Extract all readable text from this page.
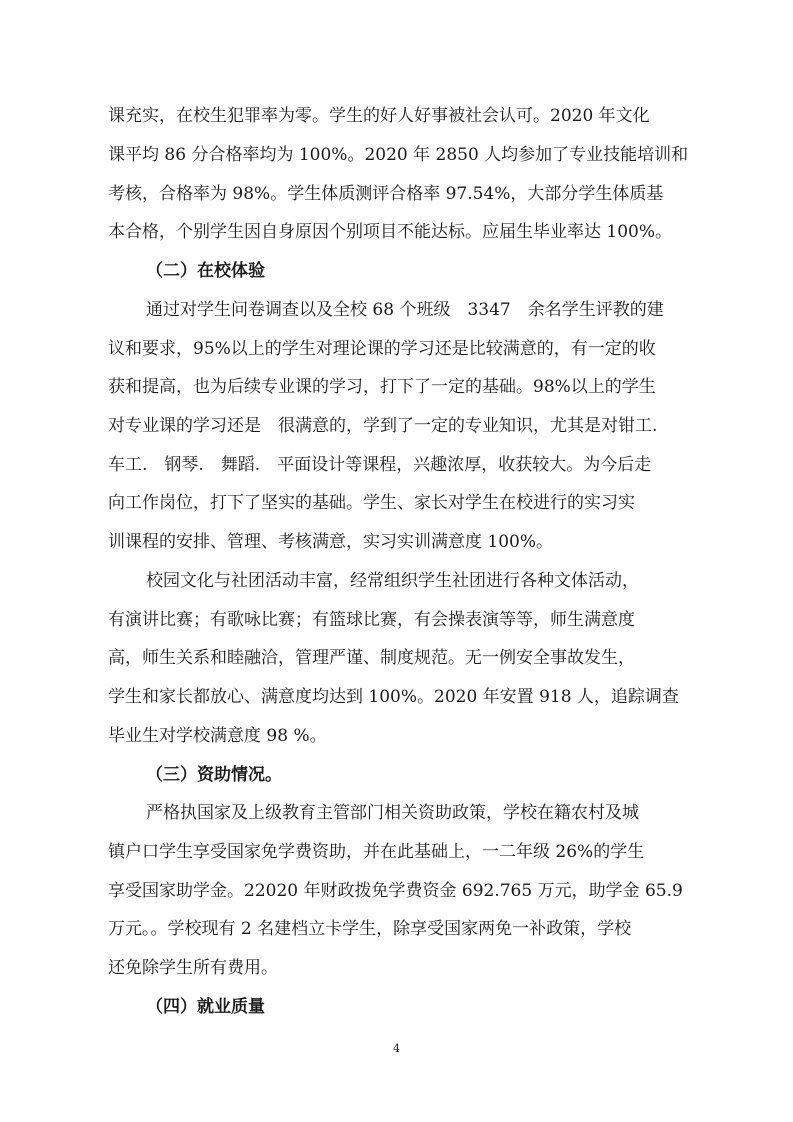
课充实，在校生犯罪率为零。学生的好人好事被社会认可。2020 年文化

课平均 86 分合格率均为 100%。2020 年 2850 人均参加了专业技能培训和

考核，合格率为 98%。学生体质测评合格率 97.54%，大部分学生体质基

本合格，个别学生因自身原因个别项目不能达标。应届生毕业率达 100%。

（二）在校体验

通过对学生问卷调查以及全校 68 个班级　3347　余名学生评教的建

议和要求，95%以上的学生对理论课的学习还是比较满意的，有一定的收

获和提高，也为后续专业课的学习，打下了一定的基础。98%以上的学生

对专业课的学习还是　很满意的，学到了一定的专业知识，尤其是对钳工.

车工.　钢琴.　舞蹈.　平面设计等课程，兴趣浓厚，收获较大。为今后走

向工作岗位，打下了坚实的基础。学生、家长对学生在校进行的实习实

训课程的安排、管理、考核满意，实习实训满意度 100%。

校园文化与社团活动丰富，经常组织学生社团进行各种文体活动，

有演讲比赛；有歌咏比赛；有篮球比赛，有会操表演等等，师生满意度

高，师生关系和睦融洽，管理严谨、制度规范。无一例安全事故发生，

学生和家长都放心、满意度均达到 100%。2020 年安置 918 人，追踪调查

毕业生对学校满意度 98 %。

（三）资助情况。

严格执国家及上级教育主管部门相关资助政策，学校在籍农村及城

镇户口学生享受国家免学费资助，并在此基础上，一二年级 26%的学生

享受国家助学金。22020 年财政拨免学费资金 692.765 万元，助学金 65.9

万元。。学校现有 2 名建档立卡学生，除享受国家两免一补政策，学校

还免除学生所有费用。

（四）就业质量

4
